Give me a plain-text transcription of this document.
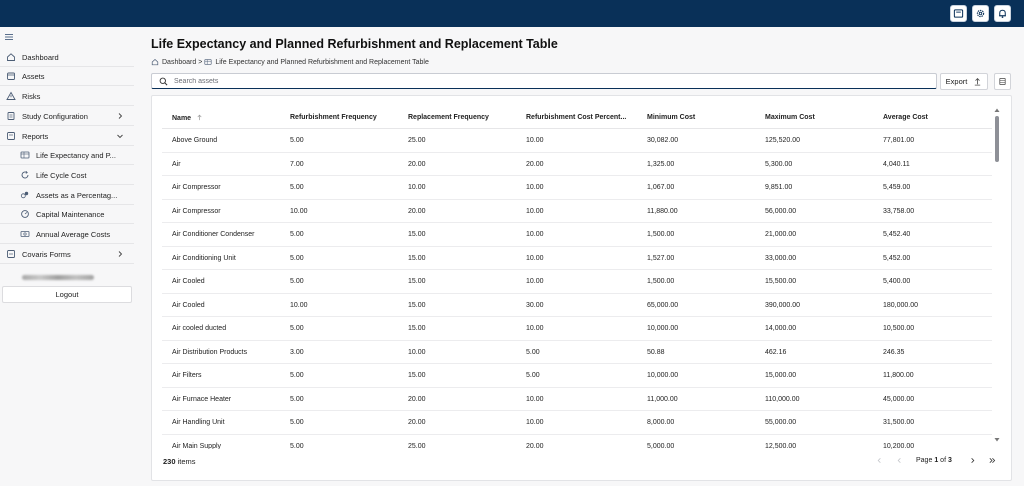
Dashboard
Assets
Risks
Study Configuration
Reports
Life Expectancy and P...
Life Cycle Cost
Assets as a Percentag...
Capital Maintenance
Annual Average Costs
Covaris Forms
Logout
Life Expectancy and Planned Refurbishment and Replacement Table
Dashboard > Life Expectancy and Planned Refurbishment and Replacement Table
Search assets
Export
Name	Refurbishment Frequency	Replacement Frequency	Refurbishment Cost Percent...	Minimum Cost	Maximum Cost	Average Cost
Above Ground	5.00	25.00	10.00	30,082.00	125,520.00	77,801.00
Air	7.00	20.00	20.00	1,325.00	5,300.00	4,040.11
Air Compressor	5.00	10.00	10.00	1,067.00	9,851.00	5,459.00
Air Compressor	10.00	20.00	10.00	11,880.00	56,000.00	33,758.00
Air Conditioner Condenser	5.00	15.00	10.00	1,500.00	21,000.00	5,452.40
Air Conditioning Unit	5.00	15.00	10.00	1,527.00	33,000.00	5,452.00
Air Cooled	5.00	15.00	10.00	1,500.00	15,500.00	5,400.00
Air Cooled	10.00	15.00	30.00	65,000.00	390,000.00	180,000.00
Air cooled ducted	5.00	15.00	10.00	10,000.00	14,000.00	10,500.00
Air Distribution Products	3.00	10.00	5.00	50.88	462.16	246.35
Air Filters	5.00	15.00	5.00	10,000.00	15,000.00	11,800.00
Air Furnace Heater	5.00	20.00	10.00	11,000.00	110,000.00	45,000.00
Air Handling Unit	5.00	20.00	10.00	8,000.00	55,000.00	31,500.00
Air Main Supply	5.00	25.00	20.00	5,000.00	12,500.00	10,200.00
230 items	Page 1 of 3
